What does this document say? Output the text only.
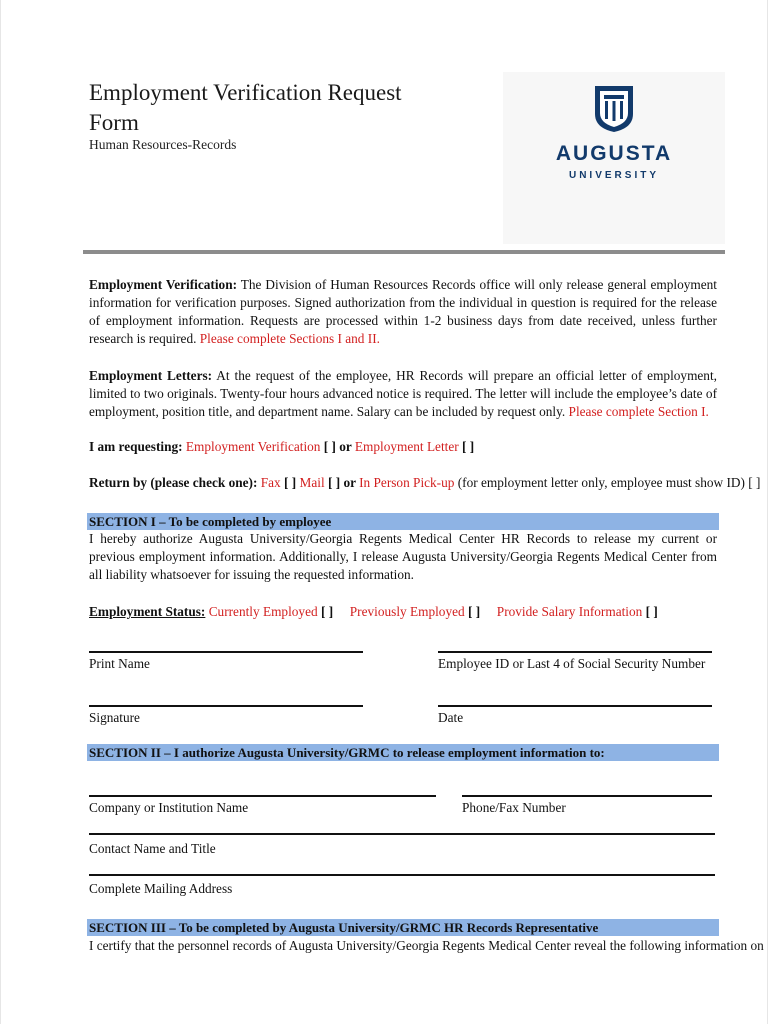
Employment Verification Request Form
Human Resources-Records	AUGUSTA
UNIVERSITY
Employment Verification: The Division of Human Resources Records office will only release general employment information for verification purposes. Signed authorization from the individual in question is required for the release of employment information. Requests are processed within 1-2 business days from date received, unless further research is required. Please complete Sections I and II.
Employment Letters: At the request of the employee, HR Records will prepare an official letter of employment, limited to two originals. Twenty-four hours advanced notice is required. The letter will include the employee’s date of employment, position title, and department name. Salary can be included by request only. Please complete Section I.
I am requesting: Employment Verification [ ] or Employment Letter [ ]
Return by (please check one): Fax [ ] Mail [ ] or In Person Pick-up (for employment letter only, employee must show ID) [ ]
SECTION I – To be completed by employee
I hereby authorize Augusta University/Georgia Regents Medical Center HR Records to release my current or previous employment information. Additionally, I release Augusta University/Georgia Regents Medical Center from all liability whatsoever for issuing the requested information.
Employment Status: Currently Employed [ ] Previously Employed [ ] Provide Salary Information [ ]
Print Name	Employee ID or Last 4 of Social Security Number
Signature	Date
SECTION II – I authorize Augusta University/GRMC to release employment information to:
Company or Institution Name	Phone/Fax Number
Contact Name and Title
Complete Mailing Address
SECTION III – To be completed by Augusta University/GRMC HR Records Representative
I certify that the personnel records of Augusta University/Georgia Regents Medical Center reveal the following information on
